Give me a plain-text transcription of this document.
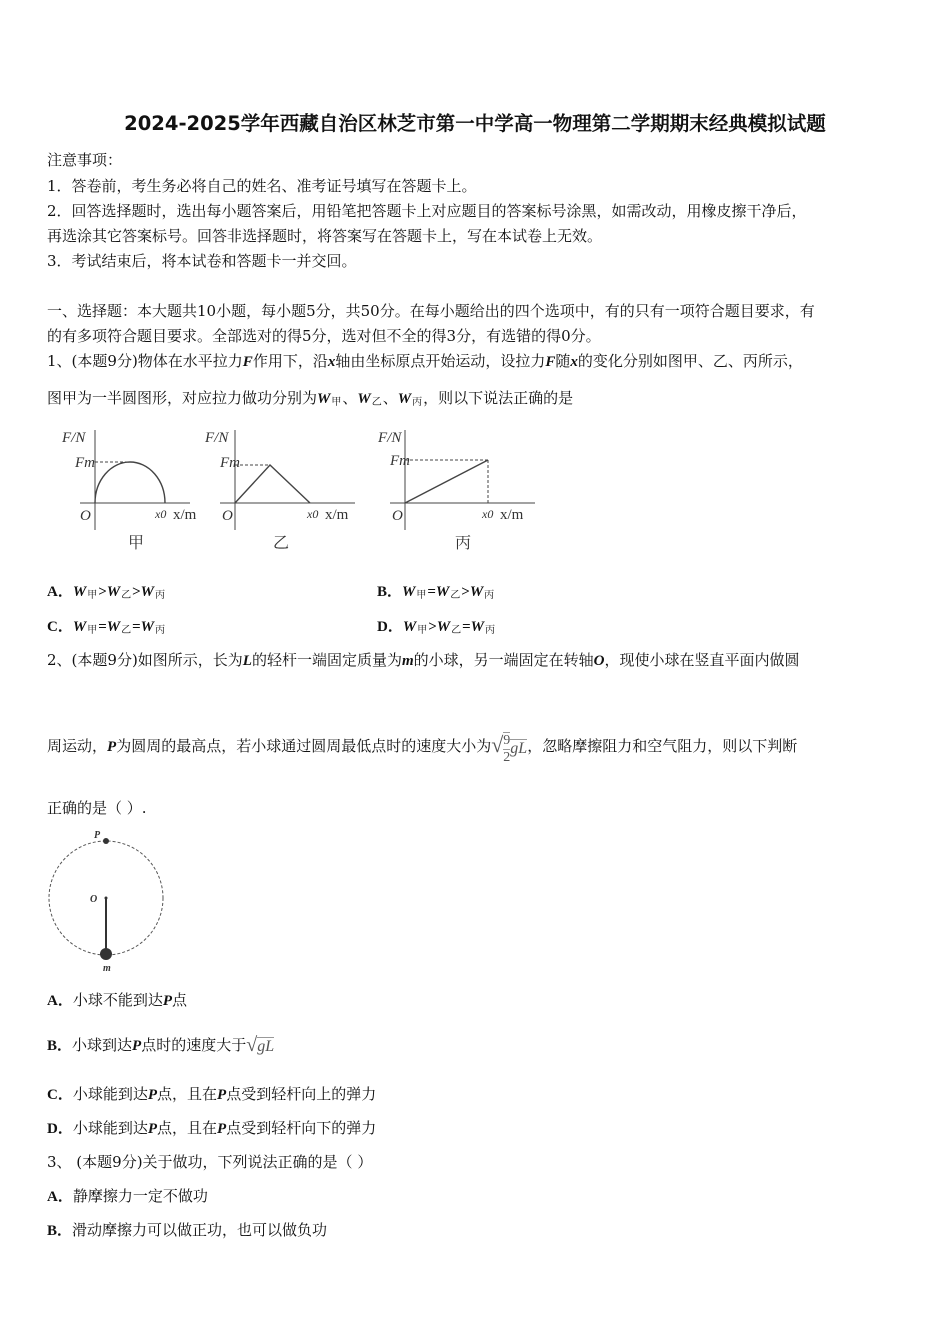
2024-2025学年西藏自治区林芝市第一中学高一物理第二学期期末经典模拟试题
注意事项：
1．答卷前，考生务必将自己的姓名、准考证号填写在答题卡上。
2．回答选择题时，选出每小题答案后，用铅笔把答题卡上对应题目的答案标号涂黑，如需改动，用橡皮擦干净后，
再选涂其它答案标号。回答非选择题时，将答案写在答题卡上，写在本试卷上无效。
3．考试结束后，将本试卷和答题卡一并交回。
一、选择题：本大题共10小题，每小题5分，共50分。在每小题给出的四个选项中，有的只有一项符合题目要求，有
的有多项符合题目要求。全部选对的得5分，选对但不全的得3分，有选错的得0分。
1、(本题9分)物体在水平拉力F作用下，沿x轴由坐标原点开始运动，设拉力F随x的变化分别如图甲、乙、丙所示，
图甲为一半圆图形，对应拉力做功分别为$W_甲$、$W_乙$、$W_丙$，则以下说法正确的是
F/N
Fm
O	x0 x/m
甲
F/N
Fm
O	x0 x/m
乙
F/N
Fm
O	x0 x/m
丙
A．$W_甲>W_乙>W_丙$	B．$W_甲=W_乙>W_丙$
C．$W_甲=W_乙=W_丙$	D．$W_甲>W_乙=W_丙$
2、(本题9分)如图所示，长为L的轻杆一端固定质量为m的小球，另一端固定在转轴O，现使小球在竖直平面内做圆
周运动，P为圆周的最高点，若小球通过圆周最低点时的速度大小为√ $\frac{9}{2}$ gL，忽略摩擦阻力和空气阻力，则以下判断
正确的是（ ）.
P
O
m
A．小球不能到达P点
B．小球到达P点时的速度大于√gL
C．小球能到达P点，且在P点受到轻杆向上的弹力
D．小球能到达P点，且在P点受到轻杆向下的弹力
3、 (本题9分)关于做功，下列说法正确的是（ ）
A．静摩擦力一定不做功
B．滑动摩擦力可以做正功，也可以做负功
